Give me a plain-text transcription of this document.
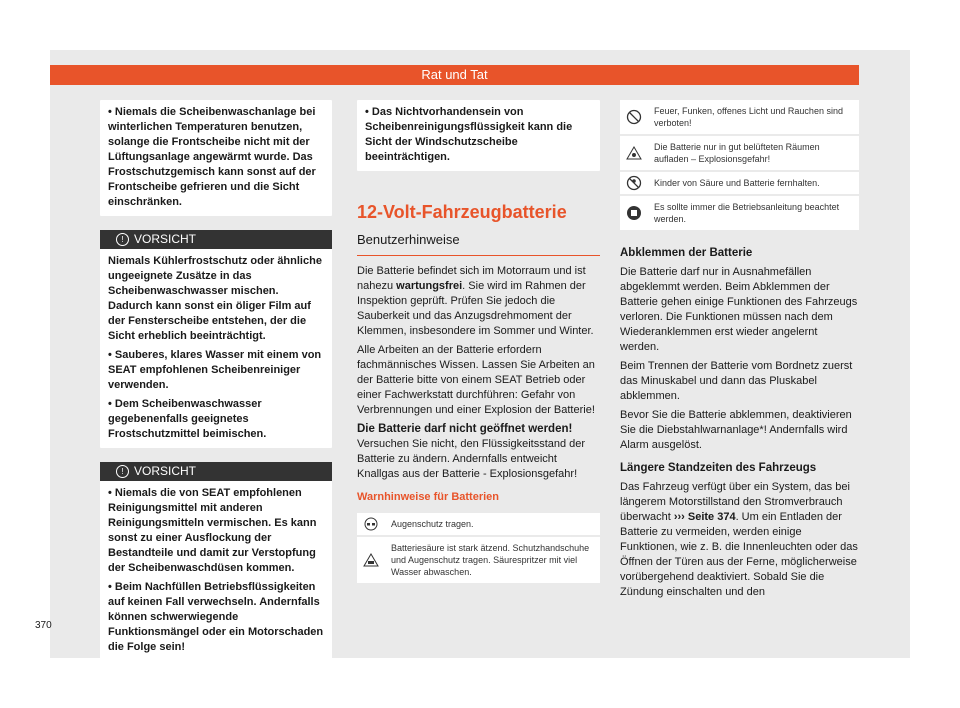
Rat und Tat

• Niemals die Scheibenwaschanlage bei winterlichen Temperaturen benutzen, solange die Frontscheibe nicht mit der Lüftungsanlage angewärmt wurde. Das Frostschutzgemisch kann sonst auf der Frontscheibe gefrieren und die Sicht einschränken.

! VORSICHT

Niemals Kühlerfrostschutz oder ähnliche ungeeignete Zusätze in das Scheibenwaschwasser mischen. Dadurch kann sonst ein öliger Film auf der Fensterscheibe entstehen, der die Sicht erheblich beeinträchtigt.

• Sauberes, klares Wasser mit einem von SEAT empfohlenen Scheibenreiniger verwenden.

• Dem Scheibenwaschwasser gegebenenfalls geeignetes Frostschutzmittel beimischen.

! VORSICHT

• Niemals die von SEAT empfohlenen Reinigungsmittel mit anderen Reinigungsmitteln vermischen. Es kann sonst zu einer Ausflockung der Bestandteile und damit zur Verstopfung der Scheibenwaschdüsen kommen.

• Beim Nachfüllen Betriebsflüssigkeiten auf keinen Fall verwechseln. Andernfalls können schwerwiegende Funktionsmängel oder ein Motorschaden die Folge sein!

• Das Nichtvorhandensein von Scheibenreinigungsflüssigkeit kann die Sicht der Windschutzscheibe beeinträchtigen.

12-Volt-Fahrzeugbatterie
Benutzerhinweise

Die Batterie befindet sich im Motorraum und ist nahezu wartungsfrei. Sie wird im Rahmen der Inspektion geprüft. Prüfen Sie jedoch die Sauberkeit und das Anzugsdrehmoment der Klemmen, insbesondere im Sommer und Winter.

Alle Arbeiten an der Batterie erfordern fachmännisches Wissen. Lassen Sie Arbeiten an der Batterie bitte von einem SEAT Betrieb oder einer Fachwerkstatt durchführen: Gefahr von Verbrennungen und einer Explosion der Batterie!

Die Batterie darf nicht geöffnet werden!

Versuchen Sie nicht, den Flüssigkeitsstand der Batterie zu ändern. Andernfalls entweicht Knallgas aus der Batterie - Explosionsgefahr!

Warnhinweise für Batterien

Augenschutz tragen.
Batteriesäure ist stark ätzend. Schutzhandschuhe und Augenschutz tragen. Säurespritzer mit viel Wasser abwaschen.
Feuer, Funken, offenes Licht und Rauchen sind verboten!
Die Batterie nur in gut belüfteten Räumen aufladen – Explosionsgefahr!
Kinder von Säure und Batterie fernhalten.
Es sollte immer die Betriebsanleitung beachtet werden.

Abklemmen der Batterie

Die Batterie darf nur in Ausnahmefällen abgeklemmt werden. Beim Abklemmen der Batterie gehen einige Funktionen des Fahrzeugs verloren. Die Funktionen müssen nach dem Wiederanklemmen erst wieder angelernt werden.

Beim Trennen der Batterie vom Bordnetz zuerst das Minuskabel und dann das Pluskabel abklemmen.

Bevor Sie die Batterie abklemmen, deaktivieren Sie die Diebstahlwarnanlage*! Andernfalls wird Alarm ausgelöst.

Längere Standzeiten des Fahrzeugs

Das Fahrzeug verfügt über ein System, das bei längerem Motorstillstand den Stromverbrauch überwacht ››› Seite 374. Um ein Entladen der Batterie zu vermeiden, werden einige Funktionen, wie z. B. die Innenleuchten oder das Öffnen der Türen aus der Ferne, möglicherweise vorübergehend deaktiviert. Sobald Sie die Zündung einschalten und den

370
